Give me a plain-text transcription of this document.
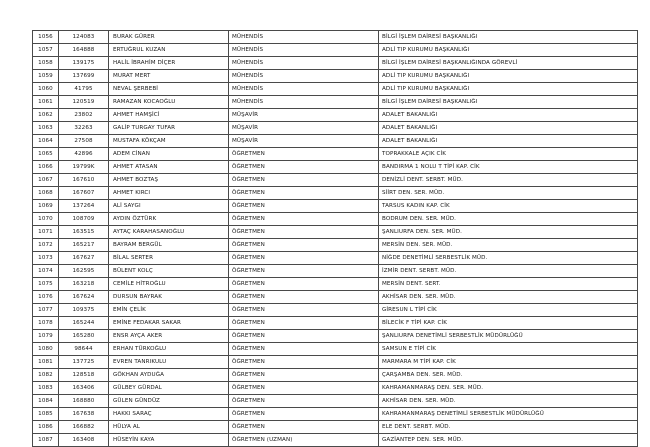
1056	124083	BURAK GÜRER	MÜHENDİS	BİLGİ İŞLEM DAİRESİ BAŞKANLIĞI
1057	164888	ERTUĞRUL KUZAN	MÜHENDİS	ADLİ TIP KURUMU BAŞKANLIĞI
1058	139175	HALİL İBRAHİM DİÇER	MÜHENDİS	BİLGİ İŞLEM DAİRESİ BAŞKANLIĞINDA GÖREVLİ
1059	137699	MURAT MERT	MÜHENDİS	ADLİ TIP KURUMU BAŞKANLIĞI
1060	41795	NEVAL ŞERBEBİ	MÜHENDİS	ADLİ TIP KURUMU BAŞKANLIĞI
1061	120519	RAMAZAN KOCAOĞLU	MÜHENDİS	BİLGİ İŞLEM DAİRESİ BAŞKANLIĞI
1062	23802	AHMET HAMŞİCİ	MÜŞAVİR	ADALET BAKANLIĞI
1063	32263	GALİP TURGAY TUFAR	MÜŞAVİR	ADALET BAKANLIĞI
1064	27508	MUSTAFA KÖKÇAM	MÜŞAVİR	ADALET BAKANLIĞI
1065	42896	ADEM CİNAN	ÖĞRETMEN	TOPRAKKALE AÇIK CİK
1066	19799K	AHMET ATASAN	ÖĞRETMEN	BANDIRMA 1 NOLU T TİPİ KAP. CİK
1067	167610	AHMET BOZTAŞ	ÖĞRETMEN	DENİZLİ DENT. SERBT. MÜD.
1068	167607	AHMET KIRCI	ÖĞRETMEN	SİİRT DEN. SER. MÜD.
1069	137264	ALİ SAYGI	ÖĞRETMEN	TARSUS KADIN KAP. CİK
1070	108709	AYDIN ÖZTÜRK	ÖĞRETMEN	BODRUM DEN. SER. MÜD.
1071	163515	AYTAÇ KARAHASANOĞLU	ÖĞRETMEN	ŞANLIURFA DEN. SER. MÜD.
1072	165217	BAYRAM BERGÜL	ÖĞRETMEN	MERSİN DEN. SER. MÜD.
1073	167627	BİLAL SERTER	ÖĞRETMEN	NİĞDE DENETİMLİ SERBESTLİK MÜD.
1074	162595	BÜLENT KOLÇ	ÖĞRETMEN	İZMİR DENT. SERBT. MÜD.
1075	163218	CEMİLE HİTROĞLU	ÖĞRETMEN	MERSİN DENT. SERT.
1076	167624	DURSUN BAYRAK	ÖĞRETMEN	AKHİSAR DEN. SER. MÜD.
1077	109375	EMİN ÇELİK	ÖĞRETMEN	GİRESUN L TİPİ CİK
1078	165244	EMİNE FEDAKAR SAKAR	ÖĞRETMEN	BİLECİK F TİPİ KAP. CİK
1079	165280	ENSR AYÇA AKER	ÖĞRETMEN	ŞANLIURFA DENETİMLİ SERBESTLİK MÜDÜRLÜĞÜ
1080	98644	ERHAN TÜRKOĞLU	ÖĞRETMEN	SAMSUN E TİPİ CİK
1081	137725	EVREN TANRIKULU	ÖĞRETMEN	MARMARA M TİPİ KAP. CİK
1082	128518	GÖKHAN AYDUĞA	ÖĞRETMEN	ÇARŞAMBA DEN. SER. MÜD.
1083	163406	GÜLBEY GÜRDAL	ÖĞRETMEN	KAHRAMANMARAŞ DEN. SER. MÜD.
1084	168880	GÜLEN GÜNDÜZ	ÖĞRETMEN	AKHİSAR DEN. SER. MÜD.
1085	167638	HAKKI SARAÇ	ÖĞRETMEN	KAHRAMANMARAŞ DENETİMLİ SERBESTLİK MÜDÜRLÜĞÜ
1086	166882	HÜLYA AL	ÖĞRETMEN	ELE DENT. SERBT. MÜD.
1087	163408	HÜSEYİN KAYA	ÖĞRETMEN (UZMAN)	GAZİANTEP DEN. SER. MÜD.
